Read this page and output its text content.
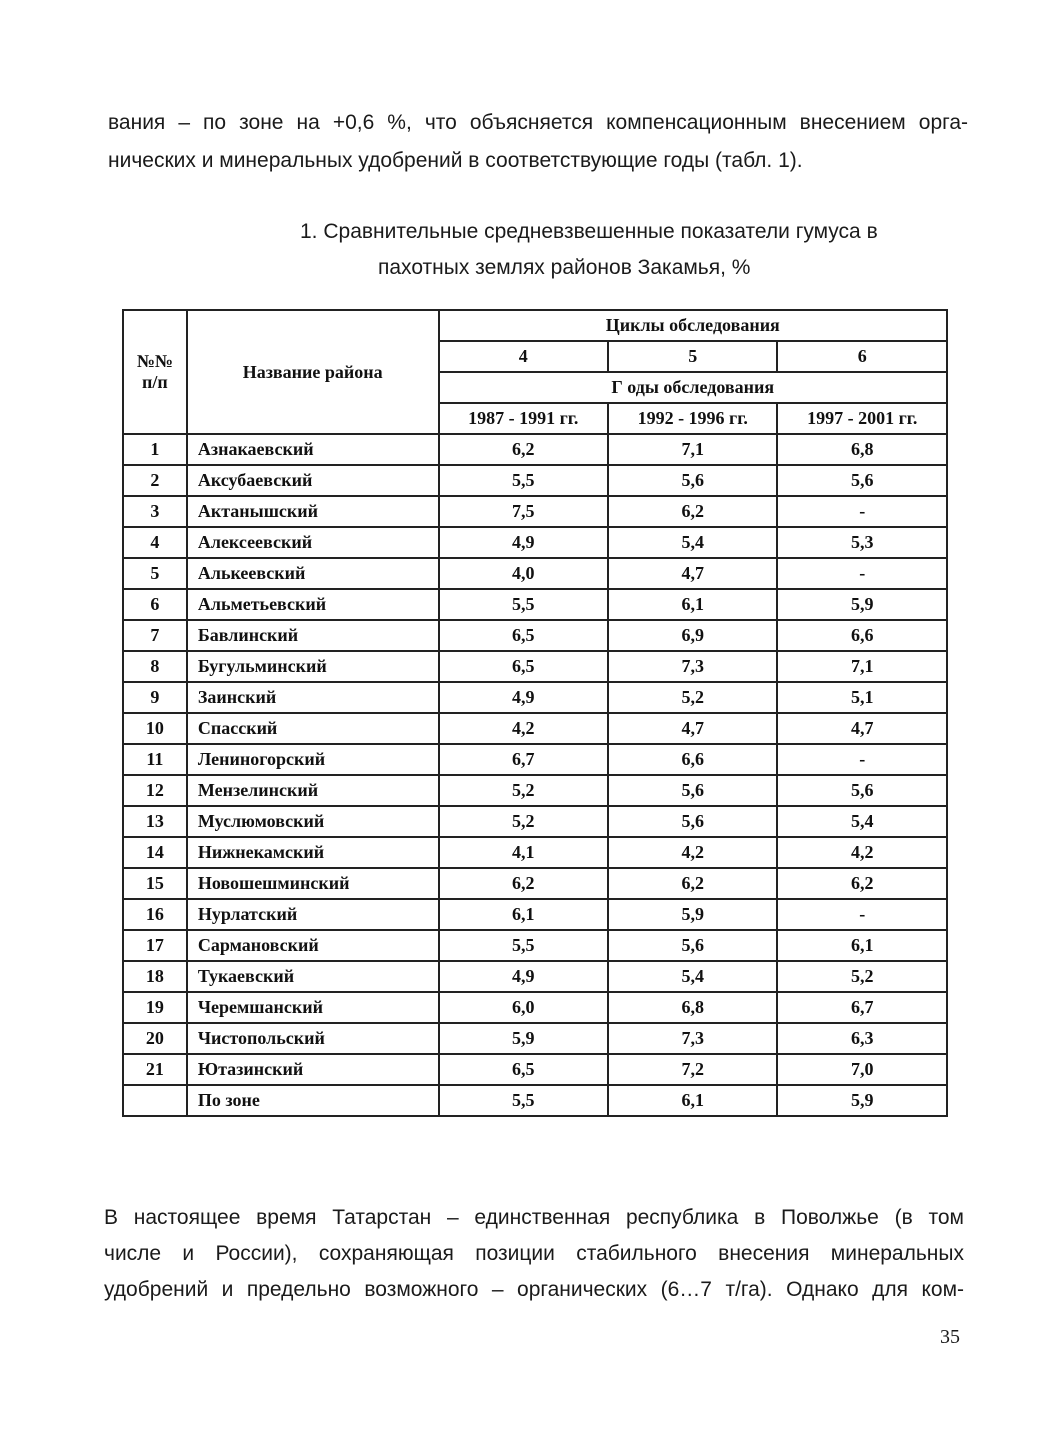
вания – по зоне на +0,6 %, что объясняется компенсационным внесением орга-

нических и минеральных удобрений в соответствующие годы (табл. 1).

1. Сравнительные средневзвешенные показатели гумуса в
пахотных землях районов Закамья, %
№№ п/п	Название района	Циклы обследования		
		4	5	6
		Г оды обследования		
		1987 - 1991 гг.	1992 - 1996 гг.	1997 - 2001 гг.
1	Азнакаевский	6,2	7,1	6,8
2	Аксубаевский	5,5	5,6	5,6
3	Актанышский	7,5	6,2	-
4	Алексеевский	4,9	5,4	5,3
5	Алькеевский	4,0	4,7	-
6	Альметьевский	5,5	6,1	5,9
7	Бавлинский	6,5	6,9	6,6
8	Бугульминский	6,5	7,3	7,1
9	Заинский	4,9	5,2	5,1
10	Спасский	4,2	4,7	4,7
11	Лениногорский	6,7	6,6	-
12	Мензелинский	5,2	5,6	5,6
13	Муслюмовский	5,2	5,6	5,4
14	Нижнекамский	4,1	4,2	4,2
15	Новошешминский	6,2	6,2	6,2
16	Нурлатский	6,1	5,9	-
17	Сармановский	5,5	5,6	6,1
18	Тукаевский	4,9	5,4	5,2
19	Черемшанский	6,0	6,8	6,7
20	Чистопольский	5,9	7,3	6,3
21	Ютазинский	6,5	7,2	7,0
	По зоне	5,5	6,1	5,9

В настоящее время Татарстан – единственная республика в Поволжье (в том

числе и России), сохраняющая позиции стабильного внесения минеральных

удобрений и предельно возможного – органических (6…7 т/га). Однако для ком-

35
